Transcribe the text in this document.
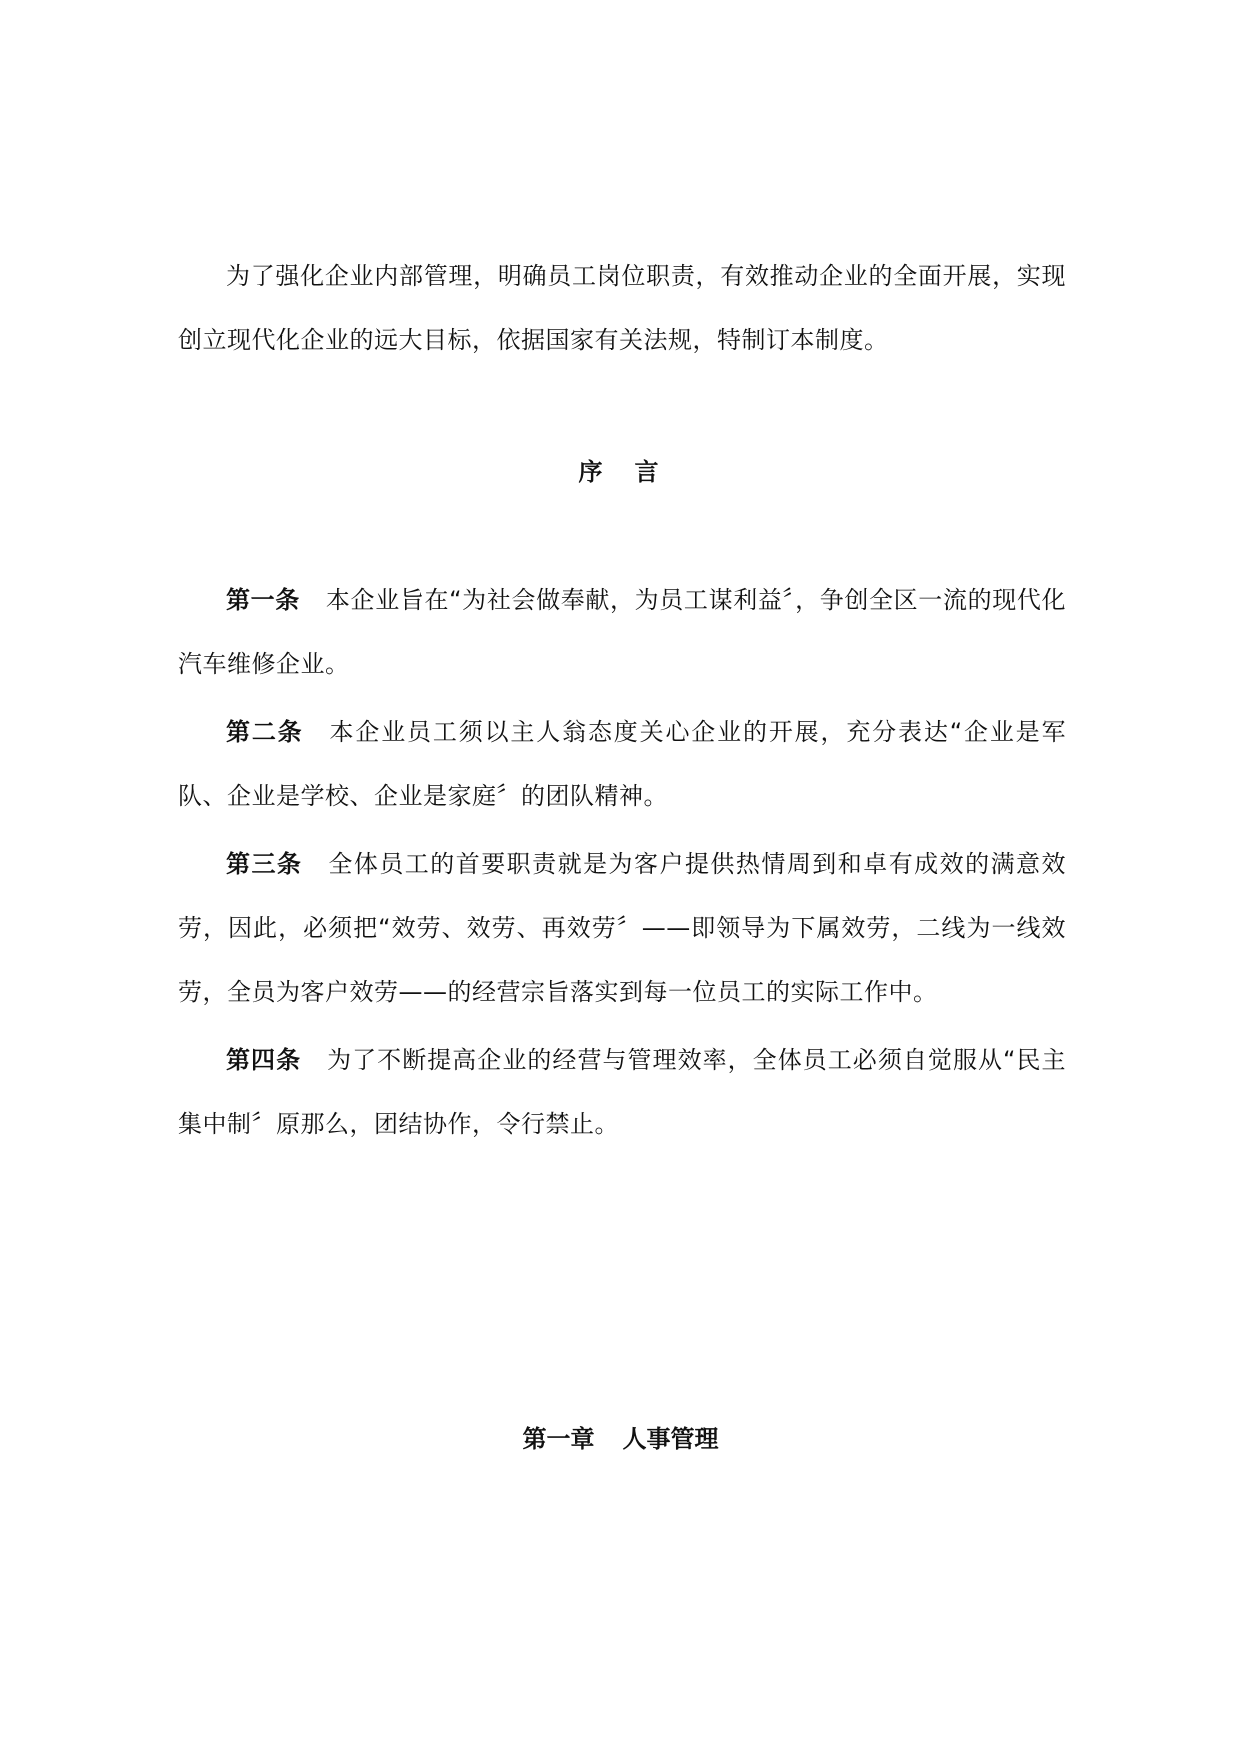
为了强化企业内部管理，明确员工岗位职责，有效推动企业的全面开展，实现创立现代化企业的远大目标，依据国家有关法规，特制订本制度。

序 言

第一条 本企业旨在“为社会做奉献，为员工谋利益〞，争创全区一流的现代化汽车维修企业。

第二条 本企业员工须以主人翁态度关心企业的开展，充分表达“企业是军队、企业是学校、企业是家庭〞的团队精神。

第三条 全体员工的首要职责就是为客户提供热情周到和卓有成效的满意效劳，因此，必须把“效劳、效劳、再效劳〞——即领导为下属效劳，二线为一线效劳，全员为客户效劳——的经营宗旨落实到每一位员工的实际工作中。

第四条 为了不断提高企业的经营与管理效率，全体员工必须自觉服从“民主集中制〞原那么，团结协作，令行禁止。

第一章 人事管理
